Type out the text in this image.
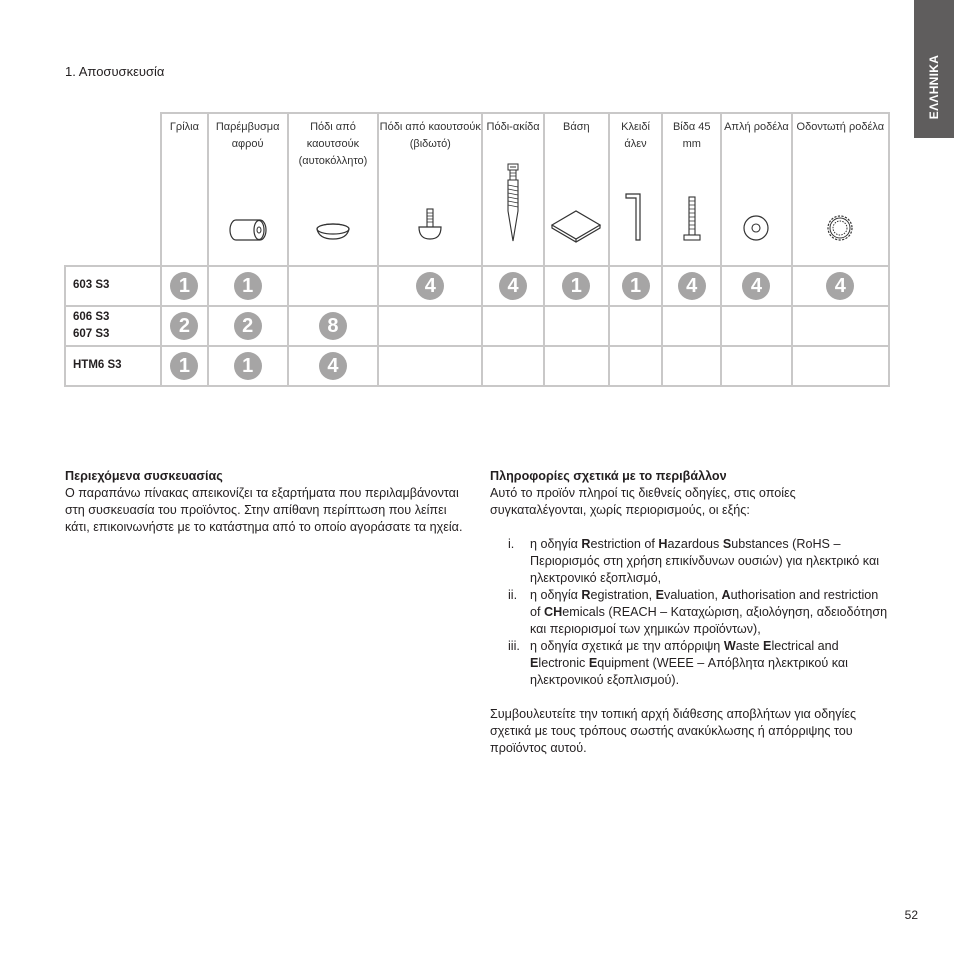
ΕΛΛΗΝΙΚΑ
1. Αποσυσκευσία

	Γρίλια	Παρέμβυσμα αφρού	Πόδι από καουτσούκ (αυτοκόλλητο)	Πόδι από καουτσούκ (βιδωτό)	Πόδι-ακίδα	Βάση	Κλειδί άλεν	Βίδα 45 mm	Απλή ροδέλα	Οδοντωτή ροδέλα

603 S3	1	1		4	4	1	1	4	4	4

606 S3
607 S3	2	2	8							

HTM6 S3	1	1	4							
Περιεχόμενα συσκευασίας
Ο παραπάνω πίνακας απεικονίζει τα εξαρτήματα που περιλαμβάνονται στη συσκευασία του προϊόντος. Στην απίθανη περίπτωση που λείπει κάτι, επικοινωνήστε με το κατάστημα από το οποίο αγοράσατε τα ηχεία.
Πληροφορίες σχετικά με το περιβάλλον
Αυτό το προϊόν πληροί τις διεθνείς οδηγίες, στις οποίες συγκαταλέγονται, χωρίς περιορισμούς, οι εξής:
i. η οδηγία Restriction of Hazardous Substances (RoHS – Περιορισμός στη χρήση επικίνδυνων ουσιών) για ηλεκτρικό και ηλεκτρονικό εξοπλισμό,
ii. η οδηγία Registration, Evaluation, Authorisation and restriction of CHemicals (REACH – Καταχώριση, αξιολόγηση, αδειοδότηση και περιορισμοί των χημικών προϊόντων),
iii. η οδηγία σχετικά με την απόρριψη Waste Electrical and Electronic Equipment (WEEE – Απόβλητα ηλεκτρικού και ηλεκτρονικού εξοπλισμού).
Συμβουλευτείτε την τοπική αρχή διάθεσης αποβλήτων για οδηγίες σχετικά με τους τρόπους σωστής ανακύκλωσης ή απόρριψης του προϊόντος αυτού.
52
